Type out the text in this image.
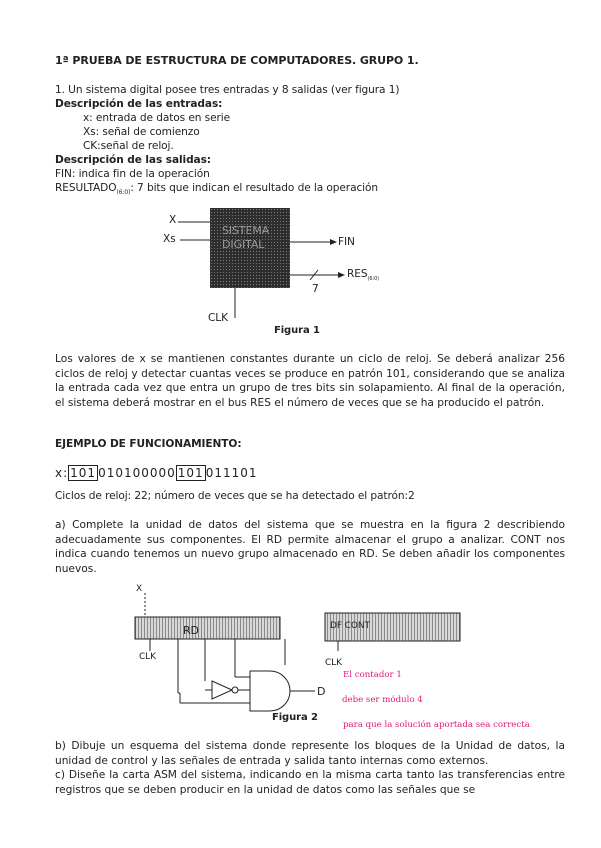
1ª PRUEBA DE ESTRUCTURA DE COMPUTADORES. GRUPO 1.
1. Un sistema digital posee tres entradas y 8 salidas (ver figura 1)
Descripción de las entradas:
x: entrada de datos en serie
Xs: señal de comienzo
CK:señal de reloj.
Descripción de las salidas:
FIN: indica fin de la operación
$RESULTADO_{(6:0)}$: 7 bits que indican el resultado de la operación
X
Xs
SISTEMA
DIGITAL	FIN
$RES_{(6:0)}$
7
CLK
Figura 1
Los valores de x se mantienen constantes durante un ciclo de reloj. Se deberá analizar 256 ciclos de reloj y detectar cuantas veces se produce en patrón 101, considerando que se analiza la entrada cada vez que entra un grupo de tres bits sin solapamiento. Al final de la operación, el sistema deberá mostrar en el bus RES el número de veces que se ha producido el patrón.
EJEMPLO DE FUNCIONAMIENTO:
x: 101 010100000 101 011101
Ciclos de reloj: 22; número de veces que se ha detectado el patrón:2
a) Complete la unidad de datos del sistema que se muestra en la figura 2 describiendo adecuadamente sus componentes. El RD permite almacenar el grupo a analizar. CONT nos indica cuando tenemos un nuevo grupo almacenado en RD. Se deben añadir los componentes nuevos.
X
RD	DF CONT
CLK
CLK
D
Figura 2
El contador 1
debe ser módulo 4
para que la solución aportada sea correcta
b) Dibuje un esquema del sistema donde represente los bloques de la Unidad de datos, la unidad de control y las señales de entrada y salida tanto internas como externos.
c) Diseñe la carta ASM del sistema, indicando en la misma carta tanto las transferencias entre registros que se deben producir en la unidad de datos como las señales que se
